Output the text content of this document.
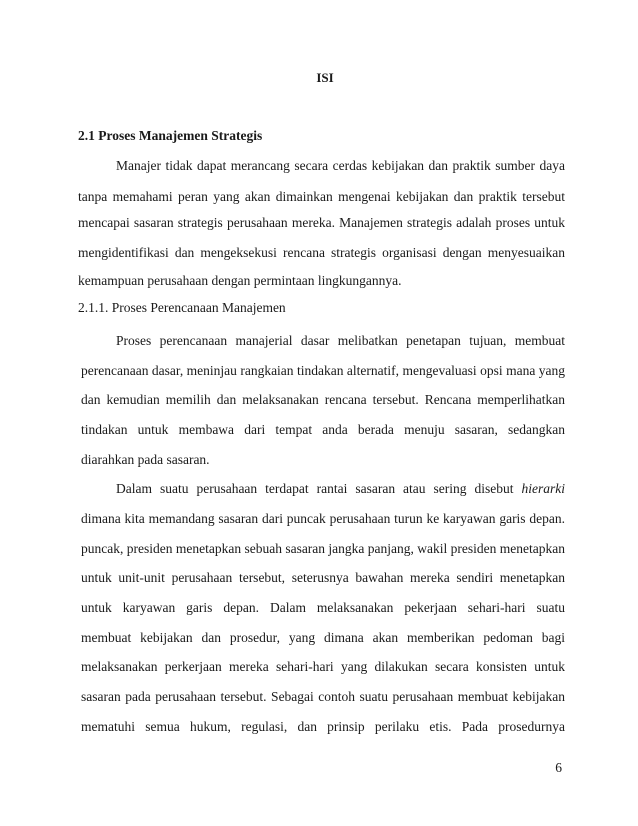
ISI
2.1 Proses Manajemen Strategis
Manajer tidak dapat merancang secara cerdas kebijakan dan praktik sumber daya
tanpa memahami peran yang akan dimainkan mengenai kebijakan dan praktik tersebut
mencapai sasaran strategis perusahaan mereka. Manajemen strategis adalah proses untuk
mengidentifikasi dan mengeksekusi rencana strategis organisasi dengan menyesuaikan
kemampuan perusahaan dengan permintaan lingkungannya.
2.1.1. Proses Perencanaan Manajemen
Proses perencanaan manajerial dasar melibatkan penetapan tujuan, membuat
perencanaan dasar, meninjau rangkaian tindakan alternatif, mengevaluasi opsi mana yang
dan kemudian memilih dan melaksanakan rencana tersebut. Rencana memperlihatkan
tindakan untuk membawa dari tempat anda berada menuju sasaran, sedangkan
diarahkan pada sasaran.
Dalam suatu perusahaan terdapat rantai sasaran atau sering disebut hierarki
dimana kita memandang sasaran dari puncak perusahaan turun ke karyawan garis depan.
puncak, presiden menetapkan sebuah sasaran jangka panjang, wakil presiden menetapkan
untuk unit-unit perusahaan tersebut, seterusnya bawahan mereka sendiri menetapkan
untuk karyawan garis depan. Dalam melaksanakan pekerjaan sehari-hari suatu
membuat kebijakan dan prosedur, yang dimana akan memberikan pedoman bagi
melaksanakan perkerjaan mereka sehari-hari yang dilakukan secara konsisten untuk
sasaran pada perusahaan tersebut. Sebagai contoh suatu perusahaan membuat kebijakan
mematuhi semua hukum, regulasi, dan prinsip perilaku etis. Pada prosedurnya
6
